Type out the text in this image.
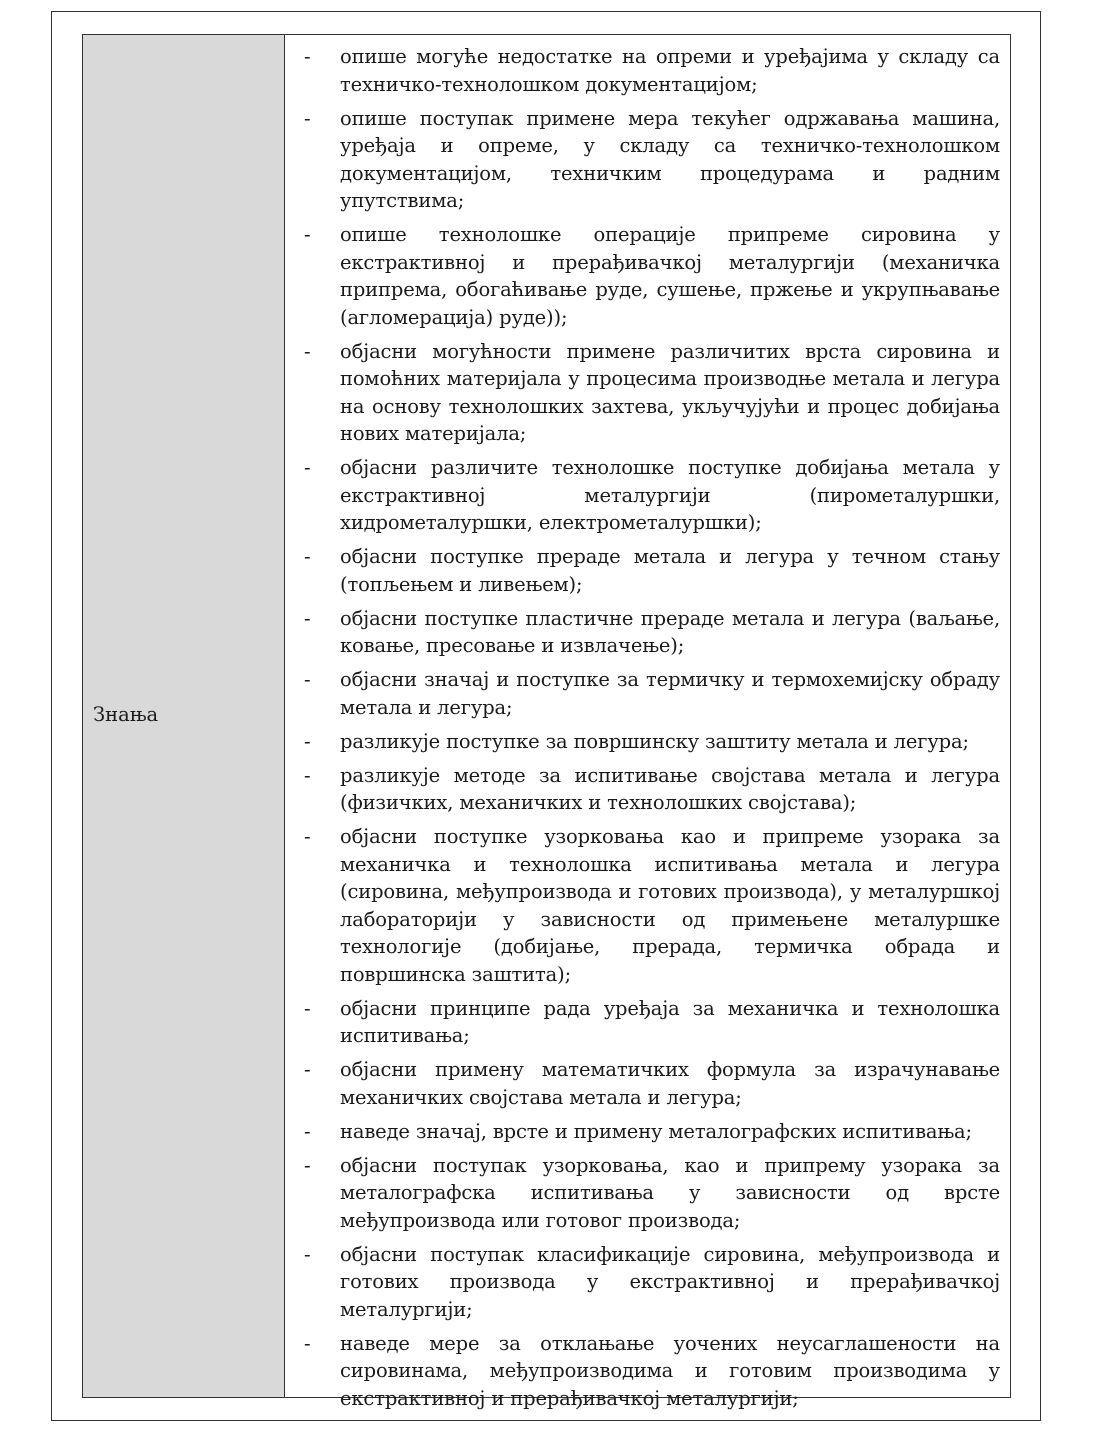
Знања
-	опише могуће недостатке на опреми и уређајима у складу са техничко-технолошком документацијом;
-	опише поступак примене мера текућег одржавања машина, уређаја и опреме, у складу са техничко-технолошком документацијом, техничким процедурама и радним упутствима;
-	опише технолошке операције припреме сировина у екстрактивној и прерађивачкој металургији (механичка припрема, обогаћивање руде, сушење, пржење и укрупњавање (агломерација) руде));
-	објасни могућности примене различитих врста сировина и помоћних материјала у процесима производње метала и легура на основу технолошких захтева, укључујући и процес добијања нових материјала;
-	објасни различите технолошке поступке добијања метала у екстрактивној металургији (пирометалуршки, хидрометалуршки, електрометалуршки);
-	објасни поступке прераде метала и легура у течном стању (топљењем и ливењем);
-	објасни поступке пластичне прераде метала и легура (ваљање, ковање, пресовање и извлачење);
-	објасни значај и поступке за термичку и термохемијску обраду метала и легура;
-	разликује поступке за површинску заштиту метала и легура;
-	разликује методе за испитивање својстава метала и легура (физичких, механичких и технолошких својстава);
-	објасни поступке узорковања као и припреме узорака за механичка и технолошка испитивања метала и легура (сировина, међупроизвода и готових производа), у металуршкој лабораторији у зависности од примењене металуршке технологије (добијање, прерада, термичка обрада и површинска заштита);
-	објасни принципе рада уређаја за механичка и технолошка испитивања;
-	објасни примену математичких формула за израчунавање механичких својстава метала и легура;
-	наведе значај, врсте и примену металографских испитивања;
-	објасни поступак узорковања, као и припрему узорака за металографска испитивања у зависности од врсте међупроизвода или готовог производа;
-	објасни поступак класификације сировина, међупроизвода и готових производа у екстрактивној и прерађивачкој металургији;
-	наведе мере за отклањање уочених неусаглашености на сировинама, међупроизводима и готовим производима у екстрактивној и прерађивачкој металургији;
